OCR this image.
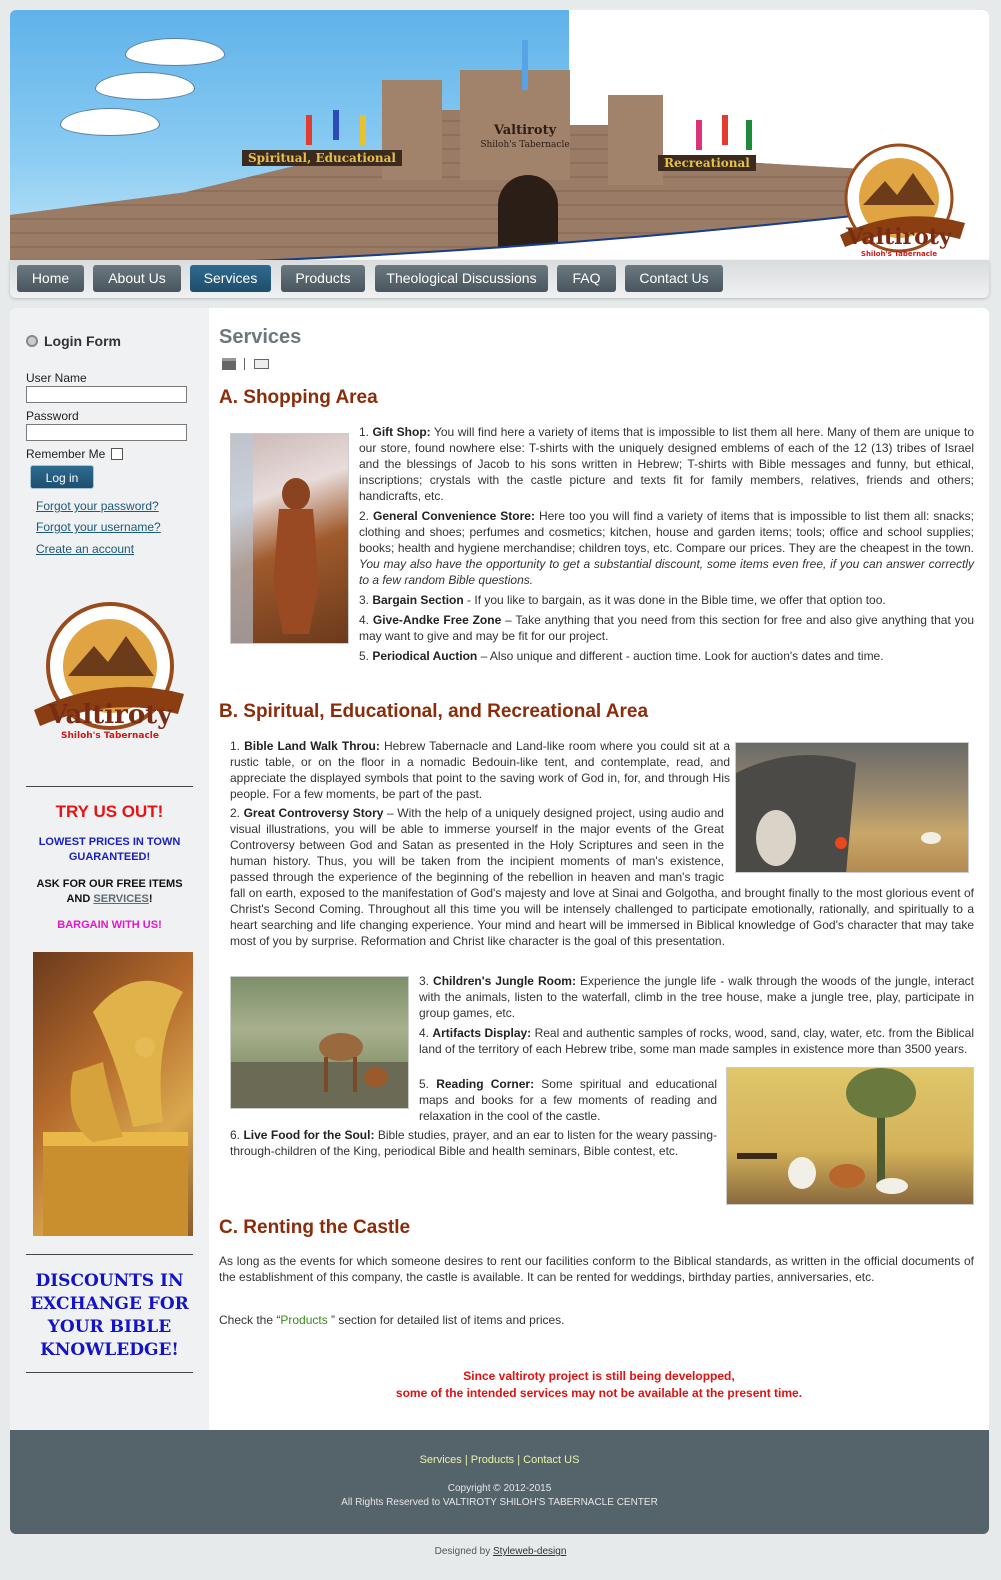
Spiritual, Educational	Recreational
Valtiroty
Shiloh's Tabernacle
Valtiroty
Shiloh's Tabernacle
Home	About Us	Services	Products	Theological Discussions	FAQ	Contact Us
Login Form
User Name
Password
Remember Me
Log in
Forgot your password?
Forgot your username?
Create an account
Valtiroty
Shiloh's Tabernacle
TRY US OUT!
LOWEST PRICES IN TOWN GUARANTEED!
ASK FOR OUR FREE ITEMS
AND SERVICES!
BARGAIN WITH US!
DISCOUNTS IN EXCHANGE FOR YOUR BIBLE KNOWLEDGE!
Services

A. Shopping Area

1. Gift Shop: You will find here a variety of items that is impossible to list them all here. Many of them are unique to our store, found nowhere else: T-shirts with the uniquely designed emblems of each of the 12 (13) tribes of Israel and the blessings of Jacob to his sons written in Hebrew; T-shirts with Bible messages and funny, but ethical, inscriptions; crystals with the castle picture and texts fit for family members, relatives, friends and others; handicrafts, etc.

2. General Convenience Store: Here too you will find a variety of items that is impossible to list them all: snacks; clothing and shoes; perfumes and cosmetics; kitchen, house and garden items; tools; office and school supplies; books; health and hygiene merchandise; children toys, etc. Compare our prices. They are the cheapest in the town. You may also have the opportunity to get a substantial discount, some items even free, if you can answer correctly to a few random Bible questions.

3. Bargain Section - If you like to bargain, as it was done in the Bible time, we offer that option too.

4. Give-Andke Free Zone – Take anything that you need from this section for free and also give anything that you may want to give and may be fit for our project.

5. Periodical Auction – Also unique and different - auction time. Look for auction's dates and time.

B. Spiritual, Educational, and Recreational Area

1. Bible Land Walk Throu: Hebrew Tabernacle and Land-like room where you could sit at a rustic table, or on the floor in a nomadic Bedouin-like tent, and contemplate, read, and appreciate the displayed symbols that point to the saving work of God in, for, and through His people. For a few moments, be part of the past.

2. Great Controversy Story – With the help of a uniquely designed project, using audio and visual illustrations, you will be able to immerse yourself in the major events of the Great Controversy between God and Satan as presented in the Holy Scriptures and seen in the human history. Thus, you will be taken from the incipient moments of man's existence, passed through the experience of the beginning of the rebellion in heaven and man's tragic fall on earth, exposed to the manifestation of God's majesty and love at Sinai and Golgotha, and brought finally to the most glorious event of Christ's Second Coming. Throughout all this time you will be intensely challenged to participate emotionally, rationally, and spiritually to a heart searching and life changing experience. Your mind and heart will be immersed in Biblical knowledge of God's character that may take most of you by surprise. Reformation and Christ like character is the goal of this presentation.

3. Children's Jungle Room: Experience the jungle life - walk through the woods of the jungle, interact with the animals, listen to the waterfall, climb in the tree house, make a jungle tree, play, participate in group games, etc.

4. Artifacts Display: Real and authentic samples of rocks, wood, sand, clay, water, etc. from the Biblical land of the territory of each Hebrew tribe, some man made samples in existence more than 3500 years.

5. Reading Corner: Some spiritual and educational maps and books for a few moments of reading and relaxation in the cool of the castle.

6. Live Food for the Soul: Bible studies, prayer, and an ear to listen for the weary passing-through-children of the King, periodical Bible and health seminars, Bible contest, etc.

C. Renting the Castle

As long as the events for which someone desires to rent our facilities conform to the Biblical standards, as written in the official documents of the establishment of this company, the castle is available. It can be rented for weddings, birthday parties, anniversaries, etc.

Check the “Products ” section for detailed list of items and prices.
Since valtiroty project is still being developped,
some of the intended services may not be available at the present time.
Services | Products | Contact US
Copyright © 2012-2015
All Rights Reserved to VALTIROTY SHILOH'S TABERNACLE CENTER
Designed by Styleweb-design
